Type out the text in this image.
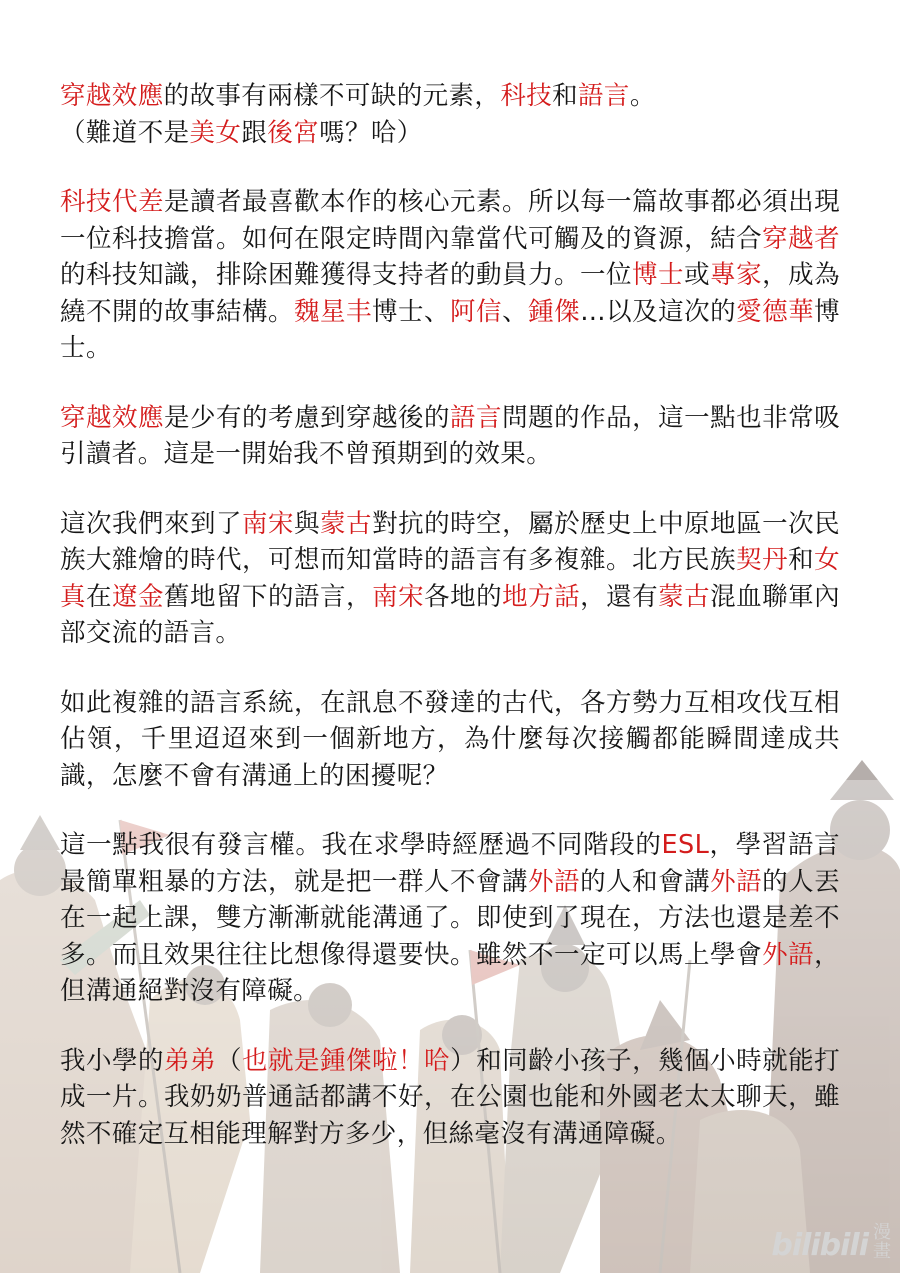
穿越效應的故事有兩樣不可缺的元素，科技和語言。
（難道不是美女跟後宮嗎？哈）

科技代差是讀者最喜歡本作的核心元素。所以每一篇故事都必須出現一位科技擔當。如何在限定時間內靠當代可觸及的資源，結合穿越者的科技知識，排除困難獲得支持者的動員力。一位博士或專家，成為繞不開的故事結構。魏星丰博士、阿信、鍾傑…以及這次的愛德華博士。

穿越效應是少有的考慮到穿越後的語言問題的作品，這一點也非常吸引讀者。這是一開始我不曾預期到的效果。

這次我們來到了南宋與蒙古對抗的時空，屬於歷史上中原地區一次民族大雜燴的時代，可想而知當時的語言有多複雜。北方民族契丹和女真在遼金舊地留下的語言，南宋各地的地方話，還有蒙古混血聯軍內部交流的語言。

如此複雜的語言系統，在訊息不發達的古代，各方勢力互相攻伐互相佔領，千里迢迢來到一個新地方，為什麼每次接觸都能瞬間達成共識，怎麼不會有溝通上的困擾呢？

這一點我很有發言權。我在求學時經歷過不同階段的ESL，學習語言最簡單粗暴的方法，就是把一群人不會講外語的人和會講外語的人丟在一起上課，雙方漸漸就能溝通了。即使到了現在，方法也還是差不多。而且效果往往比想像得還要快。雖然不一定可以馬上學會外語，但溝通絕對沒有障礙。

我小學的弟弟（也就是鍾傑啦！哈）和同齡小孩子，幾個小時就能打成一片。我奶奶普通話都講不好，在公園也能和外國老太太聊天，雖然不確定互相能理解對方多少，但絲毫沒有溝通障礙。

bilibili 漫畫
